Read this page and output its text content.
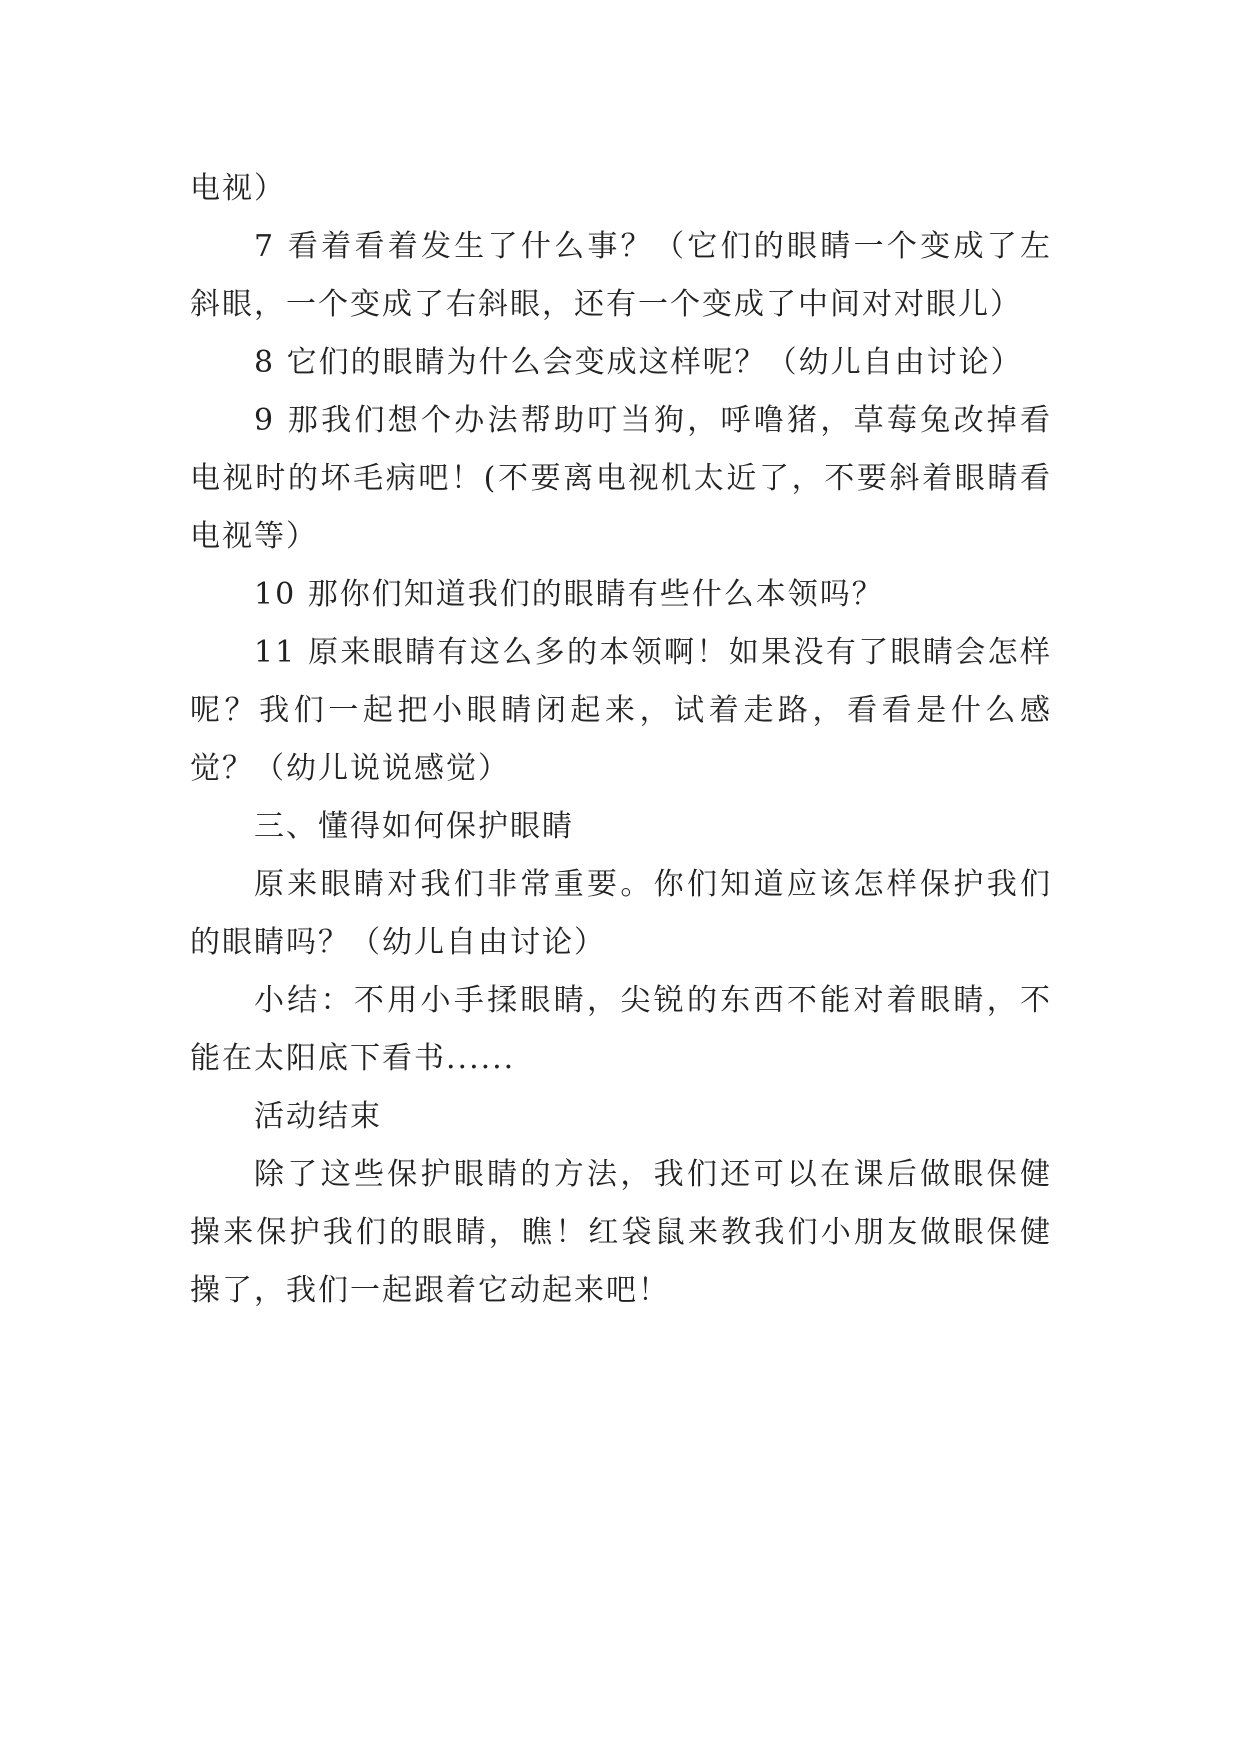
电视）

7 看着看着发生了什么事？（它们的眼睛一个变成了左斜眼，一个变成了右斜眼，还有一个变成了中间对对眼儿）

8 它们的眼睛为什么会变成这样呢？（幼儿自由讨论）

9 那我们想个办法帮助叮当狗，呼噜猪，草莓兔改掉看电视时的坏毛病吧！(不要离电视机太近了，不要斜着眼睛看电视等）

10 那你们知道我们的眼睛有些什么本领吗？

11 原来眼睛有这么多的本领啊！如果没有了眼睛会怎样呢？我们一起把小眼睛闭起来，试着走路，看看是什么感觉？（幼儿说说感觉）

三、懂得如何保护眼睛

原来眼睛对我们非常重要。你们知道应该怎样保护我们的眼睛吗？（幼儿自由讨论）

小结：不用小手揉眼睛，尖锐的东西不能对着眼睛，不能在太阳底下看书......

活动结束

除了这些保护眼睛的方法，我们还可以在课后做眼保健操来保护我们的眼睛，瞧！红袋鼠来教我们小朋友做眼保健操了，我们一起跟着它动起来吧！
